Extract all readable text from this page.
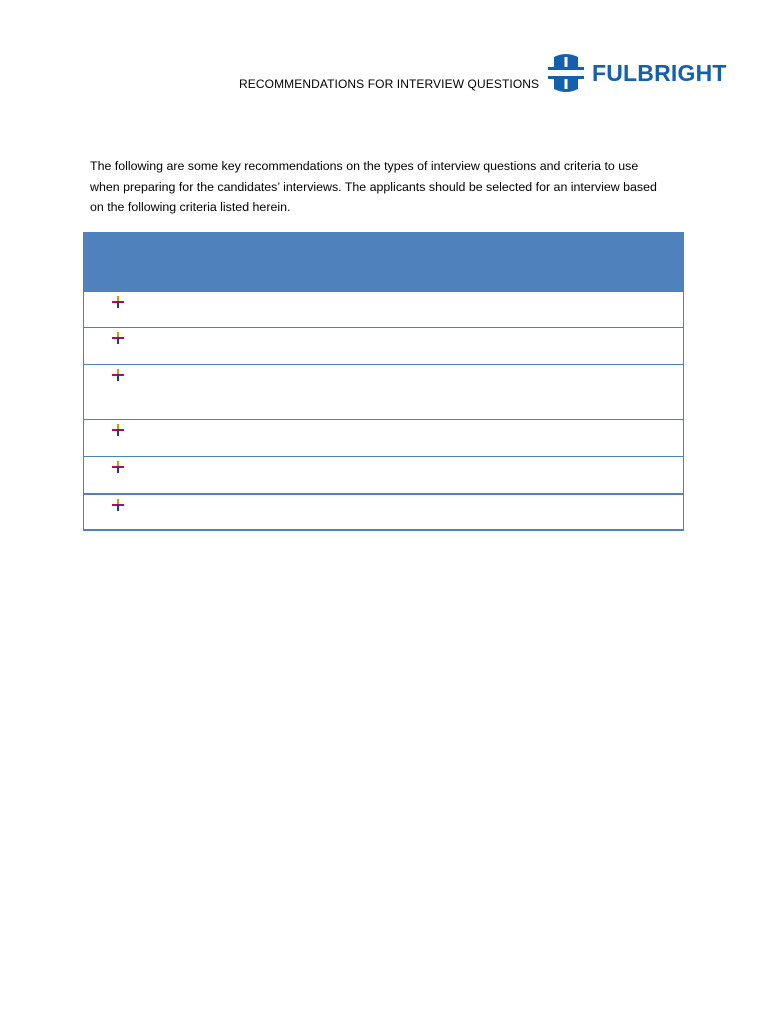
RECOMMENDATIONS FOR INTERVIEW QUESTIONS FULBRIGHT
The following are some key recommendations on the types of interview questions and criteria to use
when preparing for the candidates’ interviews. The applicants should be selected for an interview based
on the following criteria listed herein.
